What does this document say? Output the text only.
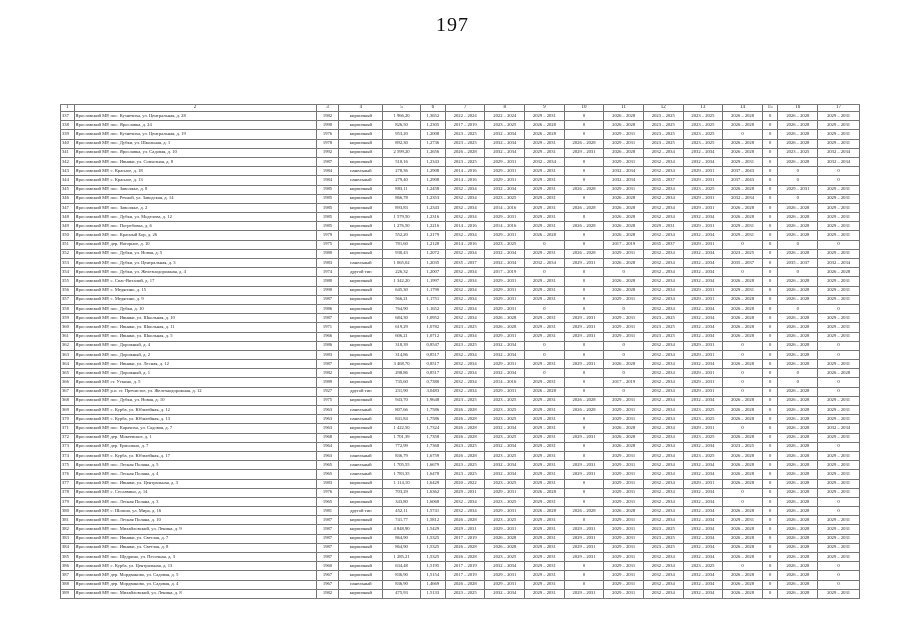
197
1	2	3	4	5	6	7	8	9	10	11	12	13	14	15	16	17
337	Ярославский МР, пос. Кузнечиха, ул. Центральная, д. 28	1982	кирпичный	1 966,20	1,3652	2022 – 2024	2022 – 2024	2029 – 2031	0	2026 – 2028	2023 – 2025	2023 – 2025	2026 – 2028	0	2026 – 2028	2029 – 2031
338	Ярославский МР, пос. Ярославка, д. 24	1990	кирпичный	826,50	1,2305	2017 – 2019	2023 – 2025	2026 – 2028	0	2026 – 2028	2023 – 2025	2023 – 2025	2026 – 2028	0	2026 – 2028	2029 – 2031
339	Ярославский МР, пос. Кузнечиха, ул. Центральная, д. 19	1976	кирпичный	953,20	1,2008	2023 – 2025	2032 – 2034	2026 – 2028	0	2029 – 2031	2023 – 2025	2023 – 2025	0	0	2026 – 2028	2029 – 2031
340	Ярославский МР, пос. Дубки, ул. Школьная, д. 1	1978	кирпичный	892,30	1,2736	2023 – 2025	2032 – 2034	2029 – 2031	2026 – 2028	2029 – 2031	2023 – 2025	2023 – 2025	2026 – 2028	0	2026 – 2028	2029 – 2031
341	Ярославский МР, пос. Ярославка, ул. Садовая, д. 10	1992	кирпичный	2 599,20	1,2656	2026 – 2028	2032 – 2034	2029 – 2031	2029 – 2031	2026 – 2028	2032 – 2034	2032 – 2034	2026 – 2028	0	2023 – 2025	2032 – 2034
342	Ярославский МР, пос. Ивняки, ул. Совхозная, д. 8	1987	кирпичный	510,16	1,2343	2023 – 2025	2029 – 2031	2032 – 2034	0	2029 – 2031	2032 – 2034	2032 – 2034	2029 – 2031	0	2026 – 2028	2032 – 2034
343	Ярославский МР, с. Красное, д. 18	1984	панельный	278,36	1,2908	2014 – 2016	2029 – 2031	2029 – 2031	0	2032 – 2034	2032 – 2034	2029 – 2031	2037 – 2043	0	0	0
344	Ярославский МР, с. Красное, д. 13	1984	панельный	279,40	1,2908	2014 – 2016	2029 – 2031	2029 – 2031	0	2032 – 2034	2035 – 2037	2029 – 2031	2037 – 2043	0	0	0
345	Ярославский МР, пос. Заволжье, д. 8	1985	кирпичный	883,11	1,2458	2032 – 2034	2032 – 2034	2029 – 2031	2026 – 2028	2029 – 2031	2032 – 2034	2023 – 2025	2026 – 2028	0	2029 – 2031	2029 – 2031
346	Ярославский МР, пос. Речной, ул. Заводская, д. 14	1985	кирпичный	866,78	1,2353	2032 – 2034	2023 – 2025	2029 – 2031	0	2026 – 2028	2032 – 2034	2029 – 2031	2032 – 2034	0	0	2029 – 2031
347	Ярославский МР, пос. Заволжье, д. 2	1985	кирпичный	893,83	1,2343	2032 – 2034	2014 – 2016	2029 – 2031	2026 – 2028	2026 – 2028	2032 – 2034	2029 – 2031	2026 – 2028	0	2026 – 2028	2029 – 2031
348	Ярославский МР, пос. Дубки, ул. Моделова, д. 12	1985	кирпичный	1 579,50	1,2316	2032 – 2034	2029 – 2031	2029 – 2031	0	2026 – 2028	2032 – 2034	2032 – 2034	2026 – 2028	0	2026 – 2028	2029 – 2031
349	Ярославский МР, пос. Погребовка, д. 6	1985	кирпичный	1 276,50	1,2216	2014 – 2016	2014 – 2016	2029 – 2031	2026 – 2028	2026 – 2028	2029 – 2031	2029 – 2031	2029 – 2031	0	2026 – 2028	2029 – 2031
350	Ярославский МР, пос. Красный Бор, д. 26	1979	кирпичный	552,20	1,2179	2032 – 2034	2029 – 2031	2026 – 2028	0	2026 – 2028	2032 – 2034	2032 – 2034	2029 – 2031	0	2026 – 2028	2029 – 2031
351	Ярославский МР, дер. Нагорное, д. 10	1975	кирпичный	781,60	1,2128	2014 – 2016	2023 – 2025	0	0	2017 – 2019	2035 – 2037	2029 – 2031	0	0	0	0
352	Ярославский МР, пос. Дубки, ул. Новая, д. 5	1980	кирпичный	930,43	1,2072	2032 – 2034	2032 – 2034	2029 – 2031	2026 – 2028	2029 – 2031	2032 – 2034	2032 – 2034	2023 – 2025	0	2026 – 2028	2029 – 2031
353	Ярославский МР, пос. Дубки, ул. Центральная, д. 3	1983	панельный	1 065,02	1,2035	2035 – 2037	2032 – 2034	2032 – 2034	2029 – 2031	2026 – 2028	2032 – 2034	2032 – 2034	2035 – 2037	0	2035 – 2037	2032 – 2034
354	Ярославский МР, пос. Дубки, ул. Железнодорожная, д. 4	1974	другой тип	226,32	1,2007	2032 – 2034	2017 – 2019	0	0	0	2032 – 2034	2032 – 2034	0	0	0	2026 – 2028
355	Ярославский МР, с. Спас-Виталий, д. 17	1980	кирпичный	1 342,20	1,1997	2032 – 2034	2029 – 2031	2029 – 2031	0	2026 – 2028	2032 – 2034	2032 – 2034	2026 – 2028	0	2026 – 2028	2029 – 2031
356	Ярославский МР, с. Медягино, д. 15	1990	кирпичный	645,30	1,1790	2032 – 2034	2029 – 2031	2029 – 2031	0	2026 – 2028	2032 – 2034	2029 – 2031	2029 – 2031	0	2026 – 2028	2029 – 2031
357	Ярославский МР, с. Медягино, д. 9	1987	кирпичный	566,21	1,1751	2032 – 2034	2029 – 2031	2029 – 2031	0	2029 – 2031	2032 – 2034	2029 – 2031	2026 – 2028	0	2026 – 2028	2029 – 2031
358	Ярославский МР, пос. Дубки, д. 10	1986	кирпичный	764,90	1,1652	2032 – 2034	2029 – 2031	0	0	0	2032 – 2034	2032 – 2034	2026 – 2028	0	0	0
359	Ярославский МР, пос. Ивняки, ул. Школьная, д. 10	1987	кирпичный	684,30	1,0952	2032 – 2034	2026 – 2028	2029 – 2031	2029 – 2031	2029 – 2031	2023 – 2025	2032 – 2034	2026 – 2028	0	2026 – 2028	2029 – 2031
360	Ярославский МР, пос. Ивняки, ул. Школьная, д. 11	1971	кирпичный	619,29	1,0782	2023 – 2025	2026 – 2028	2029 – 2031	2029 – 2031	2029 – 2031	2023 – 2025	2032 – 2034	2026 – 2028	0	2026 – 2028	2029 – 2031
361	Ярославский МР, пос. Ивняки, ул. Школьная, д. 5	1966	кирпичный	606,21	1,0712	2032 – 2034	2029 – 2031	2029 – 2031	2029 – 2031	2029 – 2031	2023 – 2025	2032 – 2034	2026 – 2028	0	2026 – 2028	2029 – 2031
362	Ярославский МР, пос. Дорожный, д. 4	1986	кирпичный	318,39	0,8547	2023 – 2025	2032 – 2034	0	0	0	2032 – 2034	2029 – 2031	0	0	2026 – 2028	0
363	Ярославский МР, пос. Дорожный, д. 2	1983	кирпичный	314,86	0,8517	2032 – 2034	2032 – 2034	0	0	0	2032 – 2034	2029 – 2031	0	0	2026 – 2028	0
364	Ярославский МР, пос. Ивняки, ул. Лесная, д. 12	1987	кирпичный	3 468,70	0,8517	2032 – 2034	2029 – 2031	2029 – 2031	2029 – 2031	2026 – 2028	2032 – 2034	2032 – 2034	2026 – 2028	0	2026 – 2028	2029 – 2031
365	Ярославский МР, пос. Дорожный, д. 1	1982	кирпичный	298,86	0,8517	2032 – 2034	2032 – 2034	0	0	0	2032 – 2034	2029 – 2031	0	0	0	2026 – 2028
366	Ярославский МР, ст. Уткино, д. 5	1989	кирпичный	735,60	0,7380	2032 – 2034	2014 – 2016	2029 – 2031	0	2017 – 2019	2032 – 2034	2029 – 2031	0	0	0	0
367	Ярославский МР, р.п. ст. Пречистое, ул. Железнодорожная, д. 12	1927	другой тип	231,90	3,0483	2032 – 2034	2029 – 2031	2026 – 2028	0	0	2032 – 2034	2029 – 2031	0	0	2026 – 2028	0
368	Ярославский МР, пос. Дубки, ул. Новая, д. 10	1975	кирпичный	943,70	1,9648	2023 – 2025	2023 – 2025	2029 – 2031	2026 – 2028	2029 – 2031	2032 – 2034	2032 – 2034	2026 – 2028	0	2026 – 2028	2029 – 2031
369	Ярославский МР, с. Курба, ул. Юбилейная, д. 12	1963	панельный	807,66	1,7586	2026 – 2028	2023 – 2025	2029 – 2031	2026 – 2028	2029 – 2031	2032 – 2034	2023 – 2025	2026 – 2028	0	2026 – 2028	2029 – 2031
370	Ярославский МР, с. Курба, ул. Юбилейная, д. 13	1963	панельный	841,84	1,7586	2026 – 2028	2023 – 2025	2029 – 2031	0	2029 – 2031	2032 – 2034	2023 – 2025	2026 – 2028	0	2026 – 2028	2029 – 2031
371	Ярославский МР, пос. Карачиха, ул. Садовая, д. 7	1963	кирпичный	1 422,50	1,7324	2026 – 2028	2032 – 2034	2029 – 2031	0	2026 – 2028	2032 – 2034	2029 – 2031	0	0	2026 – 2028	2032 – 2034
372	Ярославский МР, дер. Мокеевское, д. 1	1968	кирпичный	1 701,39	1,7358	2026 – 2028	2023 – 2025	2029 – 2031	2029 – 2031	2026 – 2028	2032 – 2034	2023 – 2025	2026 – 2028	0	2026 – 2028	2029 – 2031
373	Ярославский МР, дер. Ермолино, д. 7	1964	кирпичный	772,99	1,7368	2023 – 2025	2032 – 2034	2029 – 2031	0	2026 – 2028	2032 – 2034	2032 – 2034	2023 – 2025	0	2026 – 2028	0
374	Ярославский МР, с. Курба, ул. Юбилейная, д. 17	1963	панельный	836,79	1,6759	2026 – 2028	2023 – 2025	2029 – 2031	0	2029 – 2031	2032 – 2034	2023 – 2025	2026 – 2028	0	2026 – 2028	2029 – 2031
375	Ярославский МР, пос. Лесная Поляна, д. 5	1965	панельный	1 705,55	1,6679	2023 – 2025	2032 – 2034	2029 – 2031	2029 – 2031	2029 – 2031	2032 – 2034	2032 – 2034	2026 – 2028	0	2026 – 2028	2029 – 2031
376	Ярославский МР, пос. Лесная Поляна, д. 4	1965	панельный	1 783,35	1,6478	2023 – 2025	2032 – 2034	2029 – 2031	2029 – 2031	2029 – 2031	2032 – 2034	2032 – 2034	2026 – 2028	0	2026 – 2028	2029 – 2031
377	Ярославский МР, пос. Ивняки, ул. Центральная, д. 3	1983	кирпичный	1 114,10	1,6429	2020 – 2022	2023 – 2025	2029 – 2031	0	2029 – 2031	2032 – 2034	2029 – 2031	2026 – 2028	0	2026 – 2028	2029 – 2031
378	Ярославский МР, с. Сеславино, д. 14	1976	кирпичный	703,29	1,6362	2029 – 2031	2029 – 2031	2026 – 2028	0	2029 – 2031	2032 – 2034	2032 – 2034	0	0	2026 – 2028	2029 – 2031
379	Ярославский МР, пос. Лесная Поляна, д. 3	1965	кирпичный	343,80	1,6068	2032 – 2034	2023 – 2025	2029 – 2031	0	2029 – 2031	2032 – 2034	2032 – 2034	0	0	2026 – 2028	0
380	Ярославский МР, с. Шопша, ул. Мира, д. 16	1981	другой тип	452,11	1,5741	2032 – 2034	2029 – 2031	2026 – 2028	2026 – 2028	2026 – 2028	2032 – 2034	2032 – 2034	2026 – 2028	0	2026 – 2028	0
381	Ярославский МР, пос. Лесная Поляна, д. 10	1987	кирпичный	741,77	1,5812	2026 – 2028	2023 – 2025	2029 – 2031	0	2029 – 2031	2032 – 2034	2032 – 2034	2029 – 2031	0	2026 – 2028	2029 – 2031
382	Ярославский МР, пос. Михайловский, ул. Ленина, д. 9	1987	кирпичный	4 848,90	1,5429	2029 – 2031	2029 – 2031	2029 – 2031	2029 – 2031	2029 – 2031	2023 – 2025	2032 – 2034	2026 – 2028	0	2026 – 2028	2029 – 2031
383	Ярославский МР, пос. Ивняки, ул. Светлая, д. 7	1987	кирпичный	864,90	1,5325	2017 – 2019	2026 – 2028	2029 – 2031	2029 – 2031	2029 – 2031	2023 – 2025	2032 – 2034	2026 – 2028	0	2026 – 2028	2029 – 2031
384	Ярославский МР, пос. Ивняки, ул. Светлая, д. 8	1987	кирпичный	864,90	1,5325	2026 – 2028	2026 – 2028	2029 – 2031	2029 – 2031	2029 – 2031	2023 – 2025	2032 – 2034	2026 – 2028	0	2026 – 2028	2029 – 2031
385	Ярославский МР, пос. Щедрино, ул. Песочная, д. 3	1987	кирпичный	1 285,21	1,5325	2026 – 2028	2023 – 2025	2029 – 2031	2029 – 2031	2029 – 2031	2032 – 2034	2032 – 2034	2026 – 2028	0	2026 – 2028	2029 – 2031
386	Ярославский МР, с. Курба, ул. Центральная, д. 13	1960	кирпичный	634,48	1,5195	2017 – 2019	2032 – 2034	2029 – 2031	0	2029 – 2031	2032 – 2034	2023 – 2025	0	0	2026 – 2028	0
387	Ярославский МР, дер. Мордвиново, ул. Садовая, д. 5	1967	кирпичный	836,90	1,5154	2017 – 2019	2029 – 2031	2029 – 2031	0	2029 – 2031	2032 – 2034	2032 – 2034	2026 – 2028	0	2026 – 2028	0
388	Ярославский МР, дер. Мордвиново, ул. Садовая, д. 4	1967	панельный	836,90	1,4669	2026 – 2028	2029 – 2031	2029 – 2031	0	2029 – 2031	2032 – 2034	2032 – 2034	2026 – 2028	0	2026 – 2028	0
389	Ярославский МР, пос. Михайловский, ул. Ленина, д. 8	1982	кирпичный	475,93	1,5133	2023 – 2025	2032 – 2034	2029 – 2031	2029 – 2031	2029 – 2031	2032 – 2034	2032 – 2034	2026 – 2028	0	2026 – 2028	2029 – 2031
